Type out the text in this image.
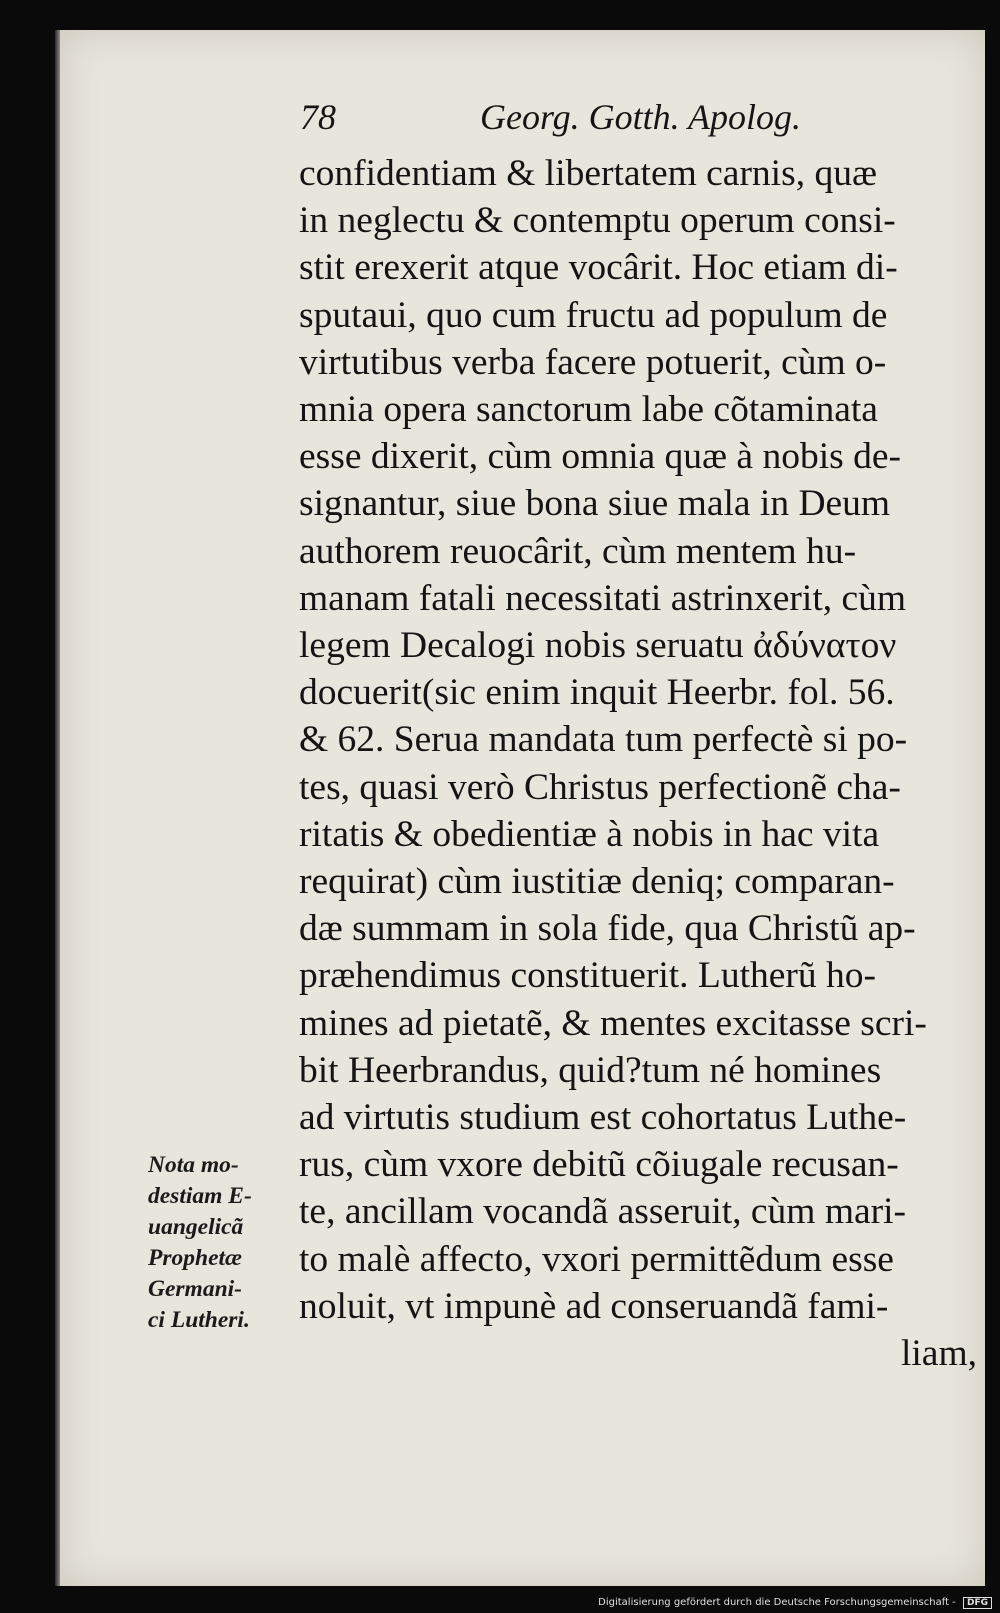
78	Georg. Gotth. Apolog.
confidentiam & libertatem carnis, quæ
in neglectu & contemptu operum consi-
stit erexerit atque vocârit. Hoc etiam di-
sputaui, quo cum fructu ad populum de
virtutibus verba facere potuerit, cùm o-
mnia opera sanctorum labe cõtaminata
esse dixerit, cùm omnia quæ à nobis de-
signantur, siue bona siue mala in Deum
authorem reuocârit, cùm mentem hu-
manam fatali necessitati astrinxerit, cùm
legem Decalogi nobis seruatu ἀδύνατον
docuerit(sic enim inquit Heerbr. fol. 56.
& 62. Serua mandata tum perfectè si po-
tes, quasi verò Christus perfectionẽ cha-
ritatis & obedientiæ à nobis in hac vita
requirat) cùm iustitiæ deniq; comparan-
dæ summam in sola fide, qua Christũ ap-
præhendimus constituerit. Lutherũ ho-
mines ad pietatẽ, & mentes excitasse scri-
bit Heerbrandus, quid?tum né homines
ad virtutis studium est cohortatus Luthe-
rus, cùm vxore debitũ cõiugale recusan-
te, ancillam vocandã asseruit, cùm mari-
to malè affecto, vxori permittẽdum esse
noluit, vt impunè ad conseruandã fami-
liam,
Nota mo-
destiam E-
uangelicã
Prophetæ
Germani-
ci Lutheri.
Digitalisierung gefördert durch die Deutsche Forschungsgemeinschaft - DFG
